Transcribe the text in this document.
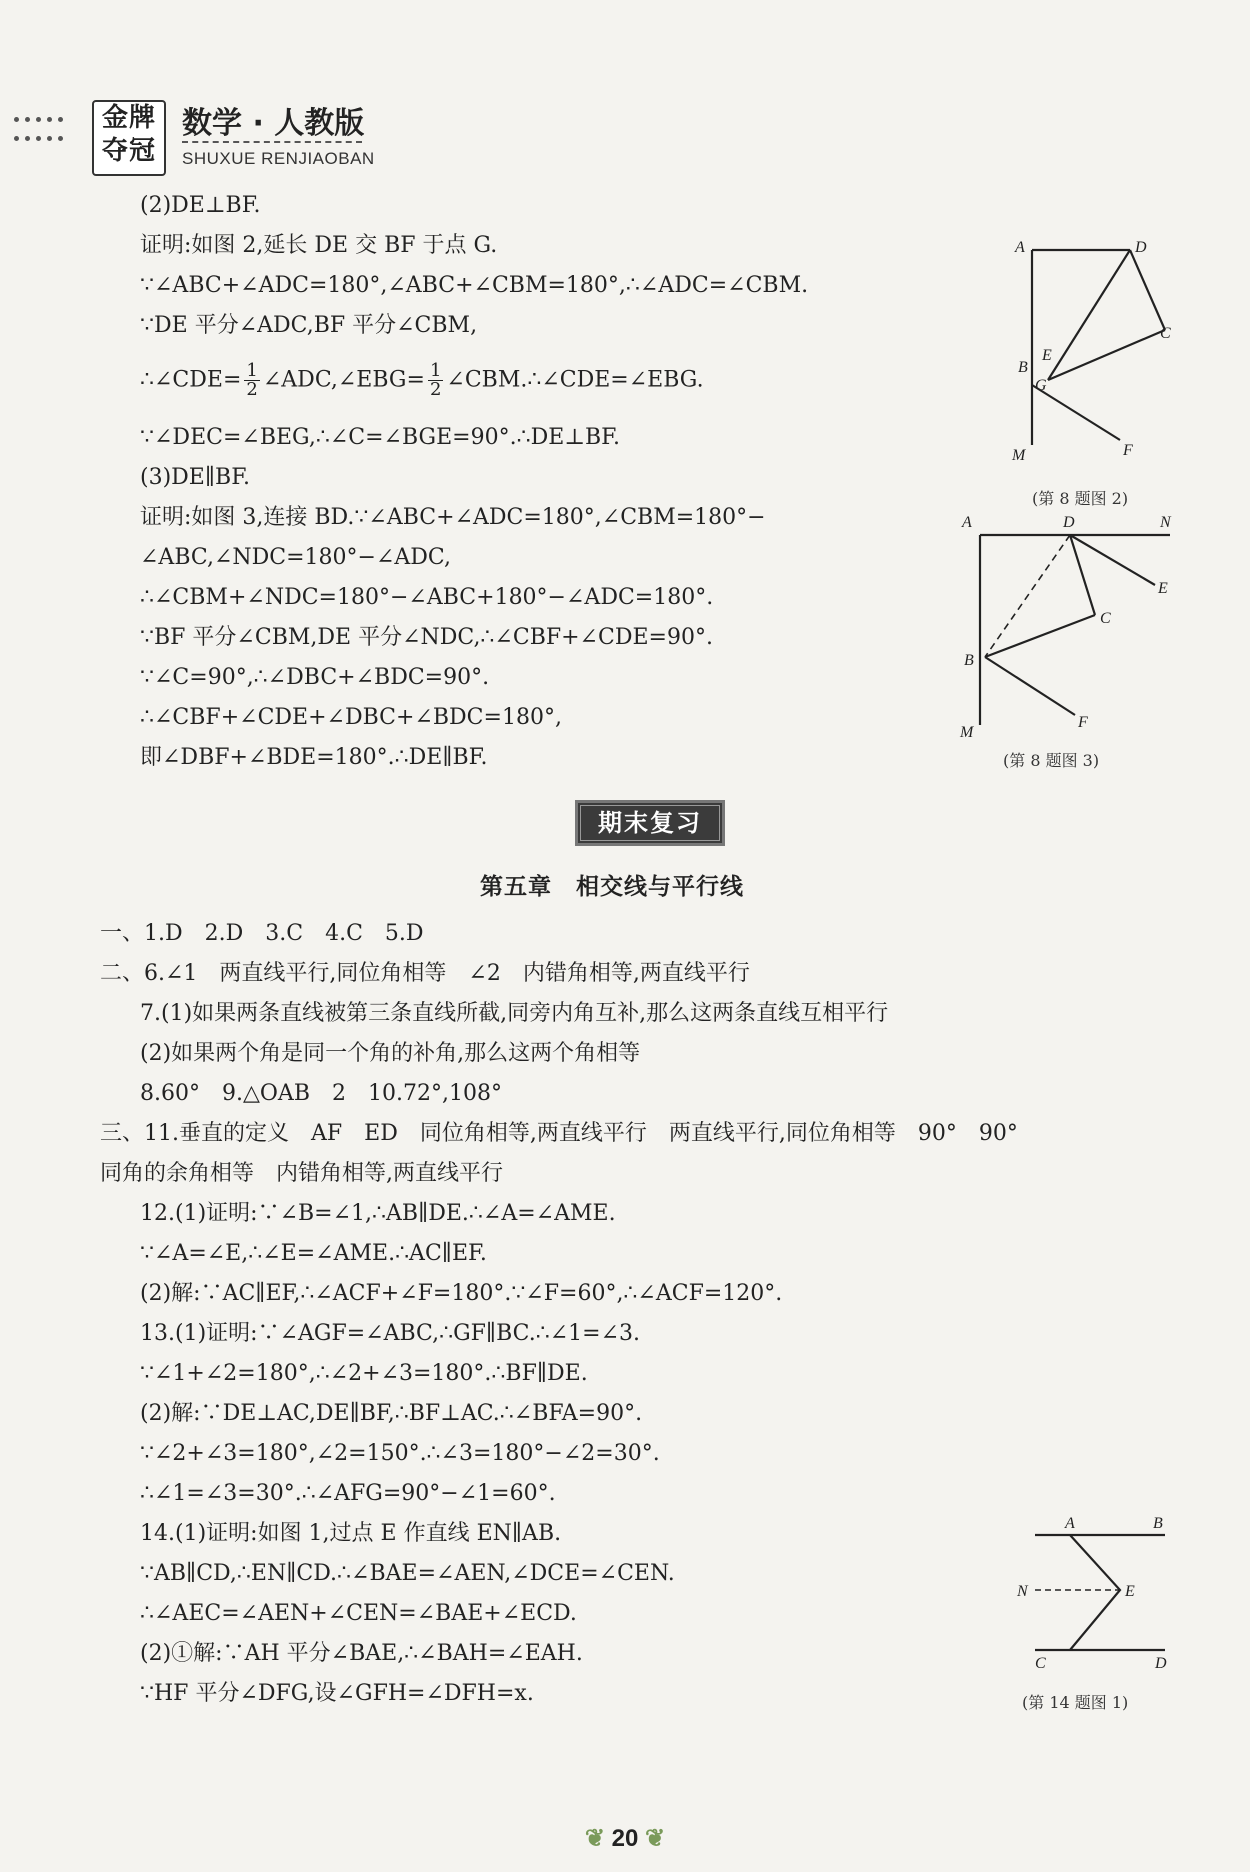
金牌
夺冠
数学 · 人教版
SHUXUE RENJIAOBAN
(2)DE⊥BF.
证明:如图 2,延长 DE 交 BF 于点 G.
∵∠ABC+∠ADC=180°,∠ABC+∠CBM=180°,∴∠ADC=∠CBM.
∵DE 平分∠ADC,BF 平分∠CBM,
∴∠CDE= $\frac{1}{2}$ ∠ADC,∠EBG= $\frac{1}{2}$ ∠CBM.∴∠CDE=∠EBG.
∵∠DEC=∠BEG,∴∠C=∠BGE=90°.∴DE⊥BF.
(3)DE∥BF.
证明:如图 3,连接 BD.∵∠ABC+∠ADC=180°,∠CBM=180°−
∠ABC,∠NDC=180°−∠ADC,
∴∠CBM+∠NDC=180°−∠ABC+180°−∠ADC=180°.
∵BF 平分∠CBM,DE 平分∠NDC,∴∠CBF+∠CDE=90°.
∵∠C=90°,∴∠DBC+∠BDC=90°.
∴∠CBF+∠CDE+∠DBC+∠BDC=180°,
即∠DBF+∠BDE=180°.∴DE∥BF.
A	D
C
E
B
G
M	F
(第 8 题图 2)
A	D	N
E
C
B
M
F
(第 8 题图 3)
期末复习
第五章　相交线与平行线
一、1.D　2.D　3.C　4.C　5.D
二、6.∠1　两直线平行,同位角相等　∠2　内错角相等,两直线平行
7.(1)如果两条直线被第三条直线所截,同旁内角互补,那么这两条直线互相平行
(2)如果两个角是同一个角的补角,那么这两个角相等
8.60°　9.△OAB　2　10.72°,108°
三、11.垂直的定义　AF　ED　同位角相等,两直线平行　两直线平行,同位角相等　90°　90°
同角的余角相等　内错角相等,两直线平行
12.(1)证明:∵∠B=∠1,∴AB∥DE.∴∠A=∠AME.
∵∠A=∠E,∴∠E=∠AME.∴AC∥EF.
(2)解:∵AC∥EF,∴∠ACF+∠F=180°.∵∠F=60°,∴∠ACF=120°.
13.(1)证明:∵∠AGF=∠ABC,∴GF∥BC.∴∠1=∠3.
∵∠1+∠2=180°,∴∠2+∠3=180°.∴BF∥DE.
(2)解:∵DE⊥AC,DE∥BF,∴BF⊥AC.∴∠BFA=90°.
∵∠2+∠3=180°,∠2=150°.∴∠3=180°−∠2=30°.
∴∠1=∠3=30°.∴∠AFG=90°−∠1=60°.
14.(1)证明:如图 1,过点 E 作直线 EN∥AB.
∵AB∥CD,∴EN∥CD.∴∠BAE=∠AEN,∠DCE=∠CEN.
∴∠AEC=∠AEN+∠CEN=∠BAE+∠ECD.
(2)①解:∵AH 平分∠BAE,∴∠BAH=∠EAH.
∵HF 平分∠DFG,设∠GFH=∠DFH=x.
A	B
N	E
C	D
(第 14 题图 1)
❦ 20 ❦
